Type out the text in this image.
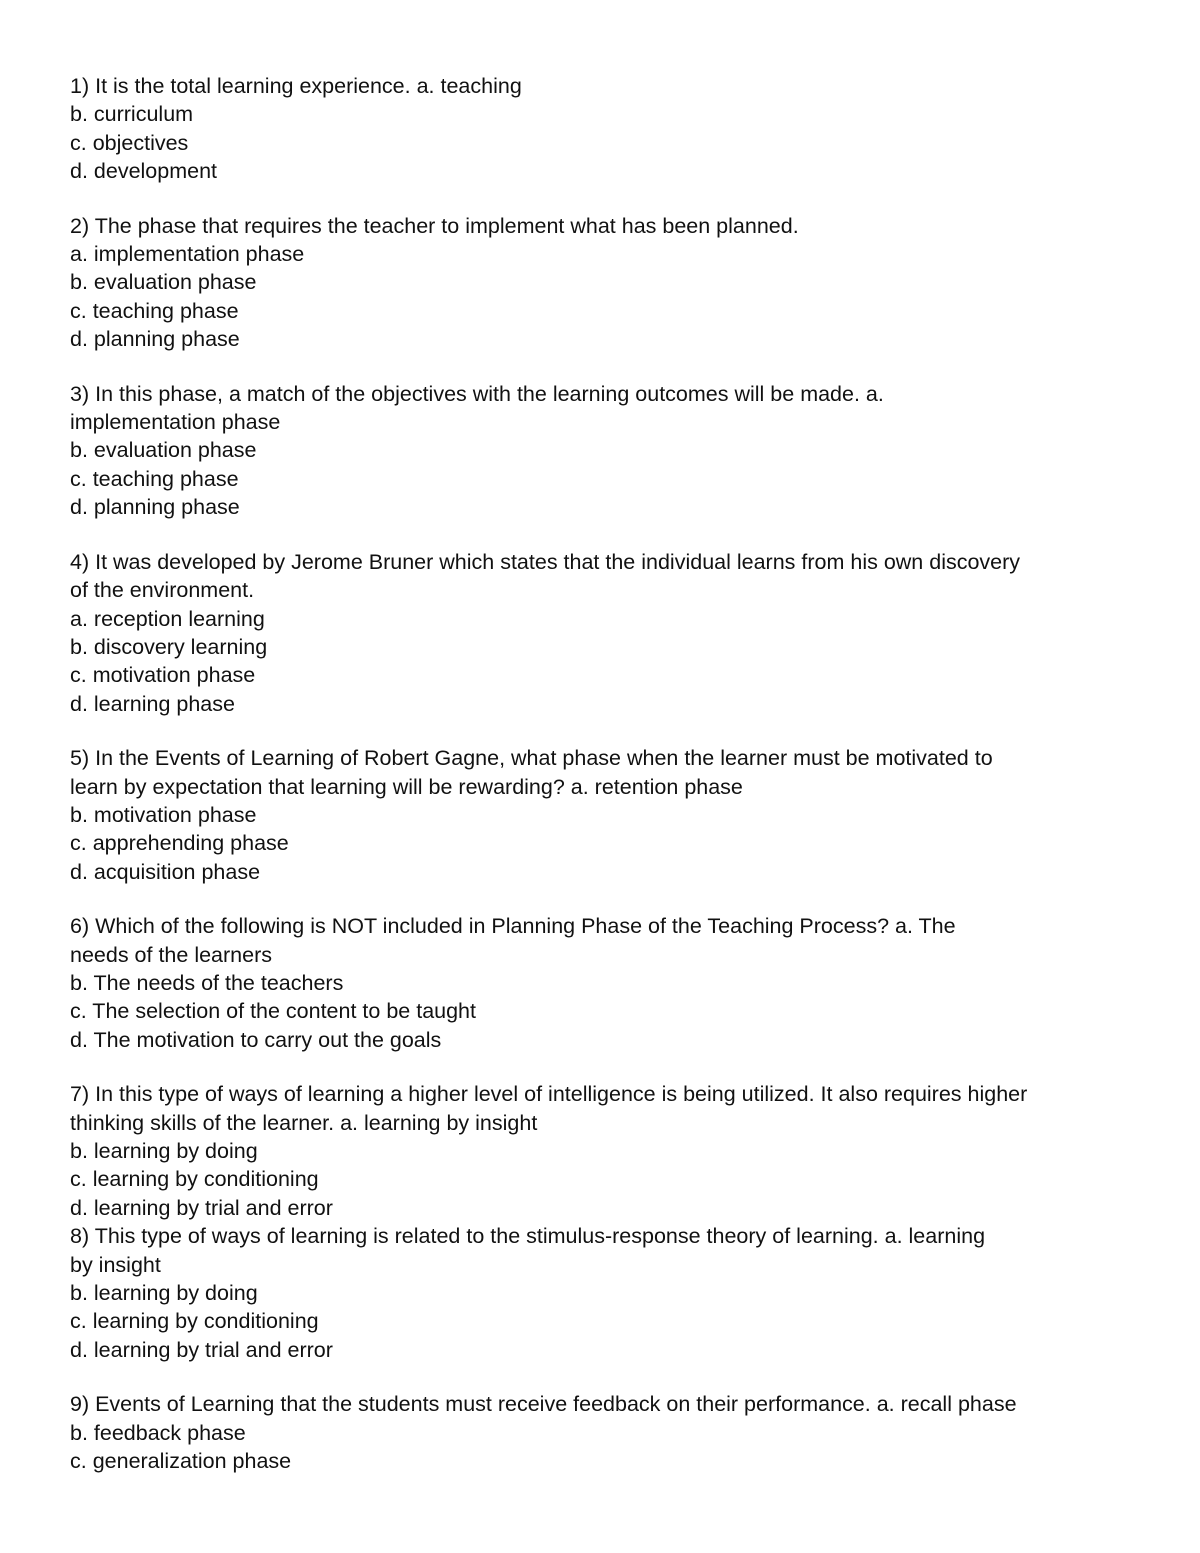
1) It is the total learning experience. a. teaching
b. curriculum
c. objectives
d. development
2) The phase that requires the teacher to implement what has been planned.
a. implementation phase
b. evaluation phase
c. teaching phase
d. planning phase
3) In this phase, a match of the objectives with the learning outcomes will be made. a.
implementation phase
b. evaluation phase
c. teaching phase
d. planning phase
4) It was developed by Jerome Bruner which states that the individual learns from his own discovery
of the environment.
a. reception learning
b. discovery learning
c. motivation phase
d. learning phase
5) In the Events of Learning of Robert Gagne, what phase when the learner must be motivated to
learn by expectation that learning will be rewarding? a. retention phase
b. motivation phase
c. apprehending phase
d. acquisition phase
6) Which of the following is NOT included in Planning Phase of the Teaching Process? a. The
needs of the learners
b. The needs of the teachers
c. The selection of the content to be taught
d. The motivation to carry out the goals
7) In this type of ways of learning a higher level of intelligence is being utilized. It also requires higher
thinking skills of the learner. a. learning by insight
b. learning by doing
c. learning by conditioning
d. learning by trial and error
8) This type of ways of learning is related to the stimulus-response theory of learning. a. learning
by insight
b. learning by doing
c. learning by conditioning
d. learning by trial and error
9) Events of Learning that the students must receive feedback on their performance. a. recall phase
b. feedback phase
c. generalization phase
